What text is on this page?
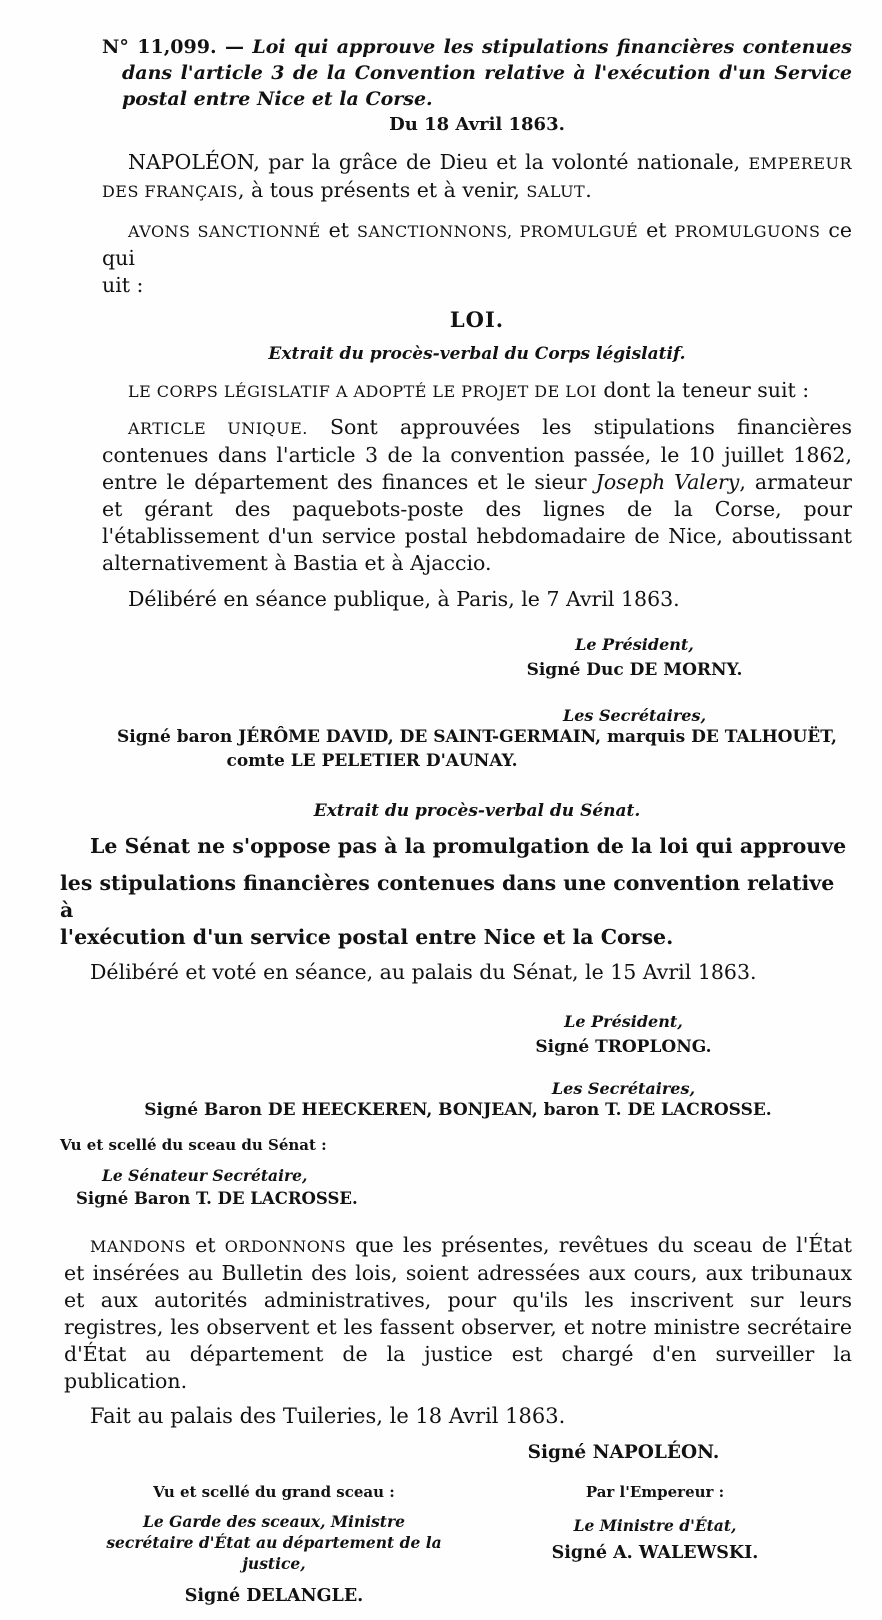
N° 11,099. — Loi qui approuve les stipulations financières contenues dans l'article 3 de la Convention relative à l'exécution d'un Service postal entre Nice et la Corse.

Du 18 Avril 1863.

NAPOLÉON, par la grâce de Dieu et la volonté nationale, EMPEREUR DES FRANÇAIS, à tous présents et à venir, SALUT.

AVONS SANCTIONNÉ et SANCTIONNONS, PROMULGUÉ et PROMULGUONS ce qui
uit :

LOI.

Extrait du procès-verbal du Corps législatif.

LE CORPS LÉGISLATIF A ADOPTÉ LE PROJET DE LOI dont la teneur suit :

ARTICLE UNIQUE. Sont approuvées les stipulations financières contenues dans l'article 3 de la convention passée, le 10 juillet 1862, entre le département des finances et le sieur Joseph Valery, armateur et gérant des paquebots-poste des lignes de la Corse, pour l'établissement d'un service postal hebdomadaire de Nice, aboutissant alternativement à Bastia et à Ajaccio.

Délibéré en séance publique, à Paris, le 7 Avril 1863.

Le Président,

Signé Duc DE MORNY.

Les Secrétaires,

Signé baron JÉRÔME DAVID, DE SAINT-GERMAIN, marquis DE TALHOUËT,

comte LE PELETIER D'AUNAY.

Extrait du procès-verbal du Sénat.

Le Sénat ne s'oppose pas à la promulgation de la loi qui approuve
les stipulations financières contenues dans une convention relative à
l'exécution d'un service postal entre Nice et la Corse.

Délibéré et voté en séance, au palais du Sénat, le 15 Avril 1863.

Le Président,

Signé TROPLONG.

Les Secrétaires,

Signé Baron DE HEECKEREN, BONJEAN, baron T. DE LACROSSE.

Vu et scellé du sceau du Sénat :

Le Sénateur Secrétaire,

Signé Baron T. DE LACROSSE.

MANDONS et ORDONNONS que les présentes, revêtues du sceau de l'État et insérées au Bulletin des lois, soient adressées aux cours, aux tribunaux et aux autorités administratives, pour qu'ils les inscrivent sur leurs registres, les observent et les fassent observer, et notre ministre secrétaire d'État au département de la justice est chargé d'en surveiller la publication.

Fait au palais des Tuileries, le 18 Avril 1863.

Signé NAPOLÉON.

Vu et scellé du grand sceau :

Le Garde des sceaux, Ministre
secrétaire d'État au département de la justice,

Signé DELANGLE.

Par l'Empereur :

Le Ministre d'État,

Signé A. WALEWSKI.
